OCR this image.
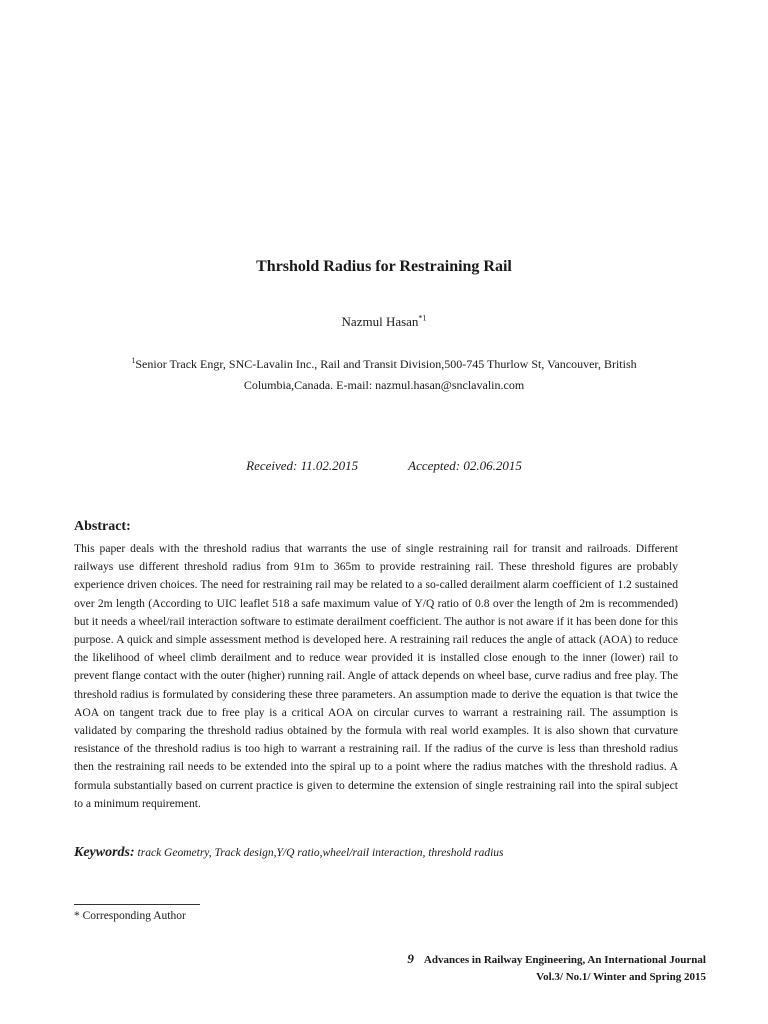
Thrshold Radius for Restraining Rail
Nazmul Hasan$^{*1}$
$^1$Senior Track Engr, SNC-Lavalin Inc., Rail and Transit Division,500-745 Thurlow St, Vancouver, British
Columbia,Canada. E-mail: nazmul.hasan@snclavalin.com
Received: 11.02.2015	Accepted: 02.06.2015
Abstract:
This paper deals with the threshold radius that warrants the use of single restraining rail for transit and railroads. Different railways use different threshold radius from 91m to 365m to provide restraining rail. These threshold figures are probably experience driven choices. The need for restraining rail may be related to a so-called derailment alarm coefficient of 1.2 sustained over 2m length (According to UIC leaflet 518 a safe maximum value of Y/Q ratio of 0.8 over the length of 2m is recommended) but it needs a wheel/rail interaction software to estimate derailment coefficient. The author is not aware if it has been done for this purpose. A quick and simple assessment method is developed here. A restraining rail reduces the angle of attack (AOA) to reduce the likelihood of wheel climb derailment and to reduce wear provided it is installed close enough to the inner (lower) rail to prevent flange contact with the outer (higher) running rail. Angle of attack depends on wheel base, curve radius and free play. The threshold radius is formulated by considering these three parameters. An assumption made to derive the equation is that twice the AOA on tangent track due to free play is a critical AOA on circular curves to warrant a restraining rail. The assumption is validated by comparing the threshold radius obtained by the formula with real world examples. It is also shown that curvature resistance of the threshold radius is too high to warrant a restraining rail. If the radius of the curve is less than threshold radius then the restraining rail needs to be extended into the spiral up to a point where the radius matches with the threshold radius. A formula substantially based on current practice is given to determine the extension of single restraining rail into the spiral subject to a minimum requirement.
Keywords: track Geometry, Track design,Y/Q ratio,wheel/rail interaction, threshold radius
* Corresponding Author
9 Advances in Railway Engineering, An International Journal
Vol.3/ No.1/ Winter and Spring 2015
